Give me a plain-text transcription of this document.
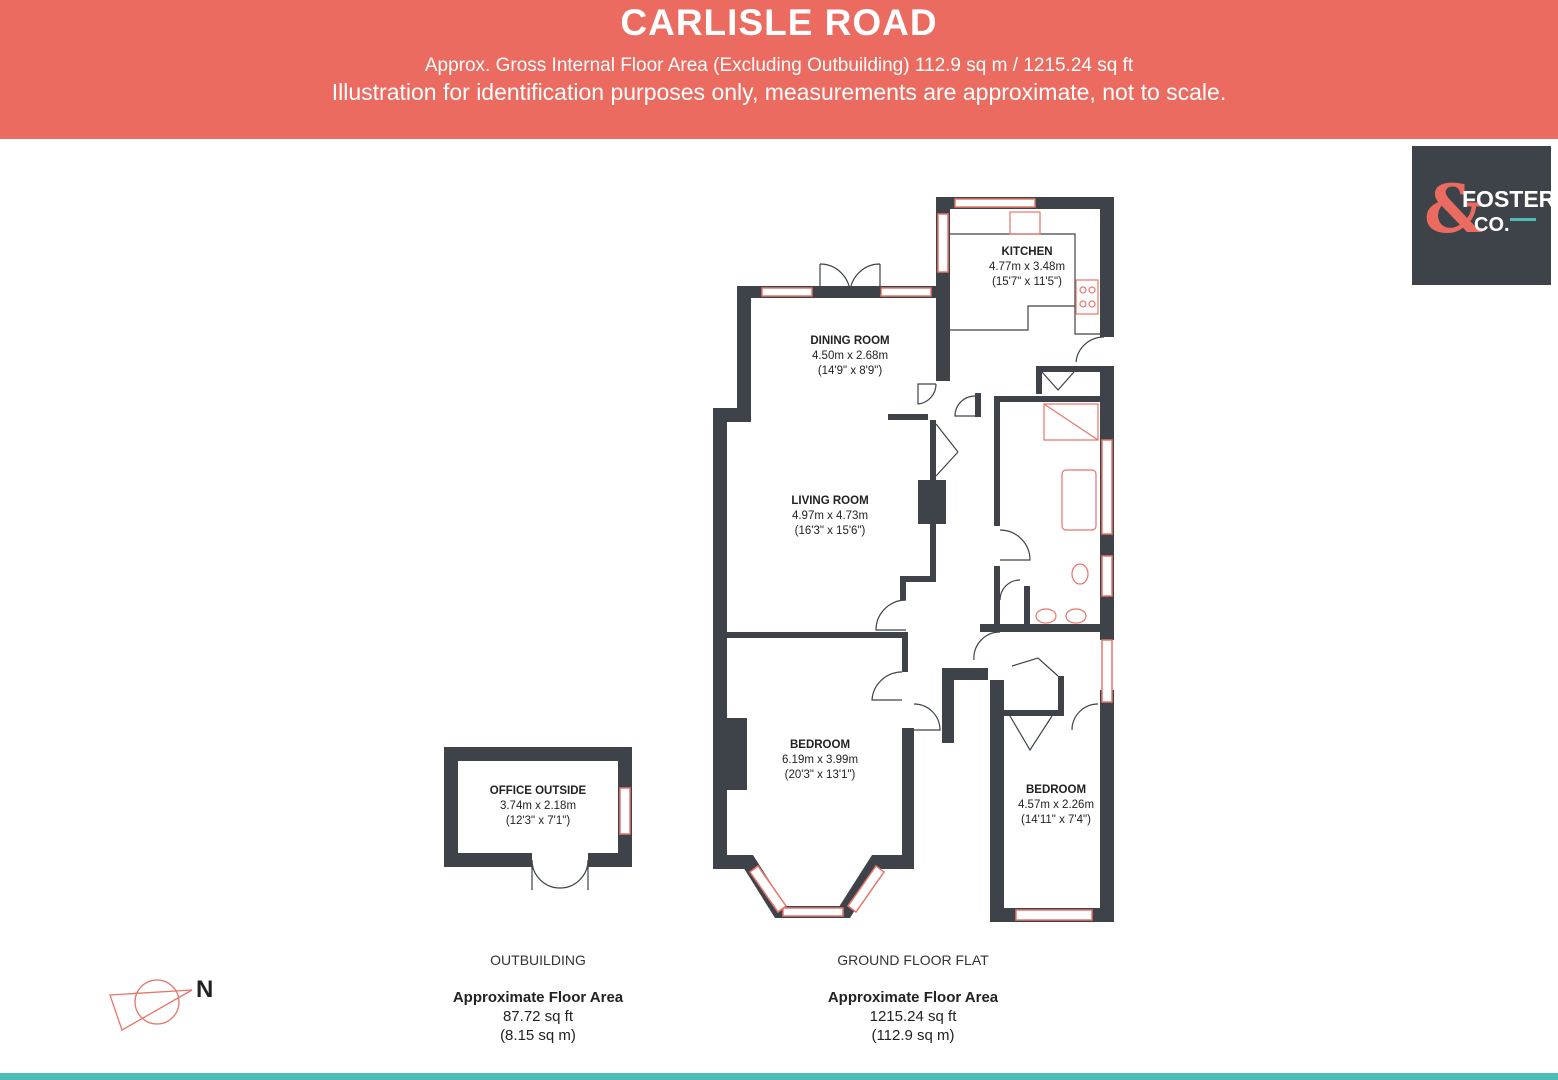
CARLISLE ROAD
Approx. Gross Internal Floor Area (Excluding Outbuilding) 112.9 sq m / 1215.24 sq ft
Illustration for identification purposes only, measurements are approximate, not to scale.
&
FOSTER
CO.
KITCHEN
4.77m x 3.48m
(15'7" x 11'5")
DINING ROOM
4.50m x 2.68m
(14'9" x 8'9")
LIVING ROOM
4.97m x 4.73m
(16'3" x 15'6")
BEDROOM
6.19m x 3.99m
(20'3" x 13'1")
BEDROOM
4.57m x 2.26m
(14'11" x 7'4")
OFFICE OUTSIDE
3.74m x 2.18m
(12'3" x 7'1")
OUTBUILDING	GROUND FLOOR FLAT
Approximate Floor Area
87.72 sq ft
(8.15 sq m)
Approximate Floor Area
1215.24 sq ft
(112.9 sq m)
N
